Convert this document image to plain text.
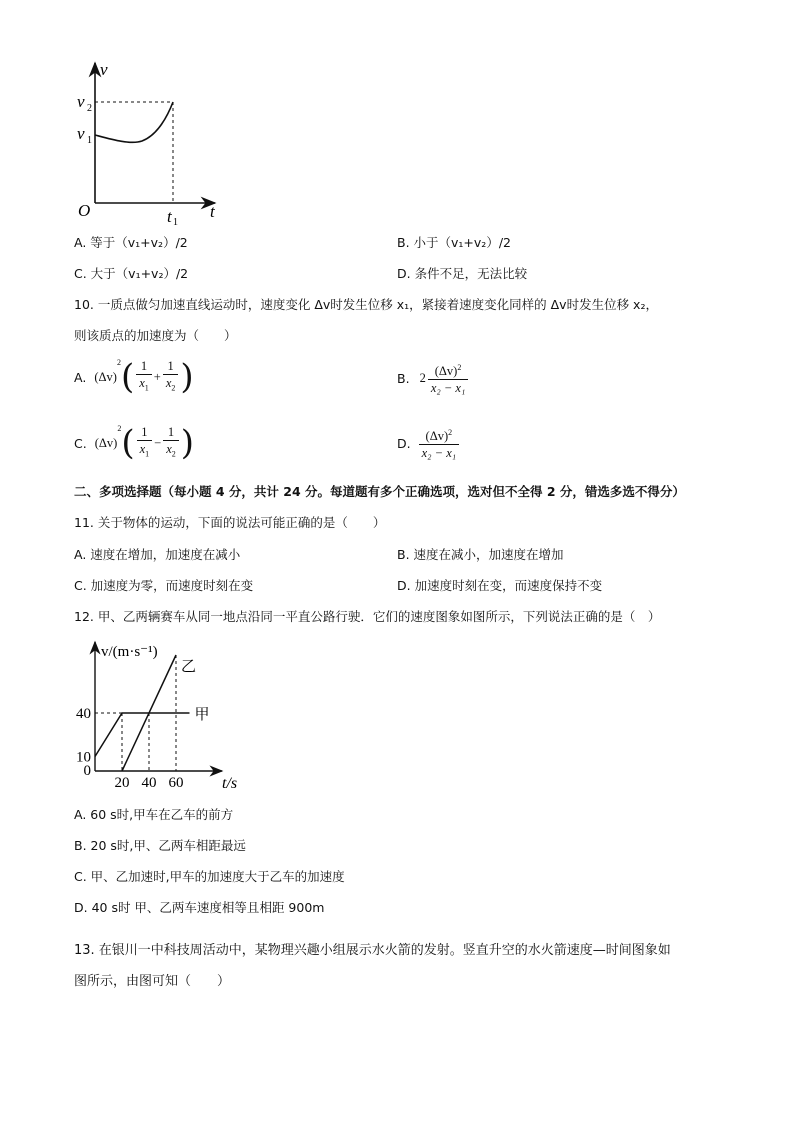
v
v 2
v 1
O	t 1
t
A. 等于（v₁+v₂）/2	B. 小于（v₁+v₂）/2
C. 大于（v₁+v₂）/2	D. 条件不足，无法比较
10. 一质点做匀加速直线运动时，速度变化 Δv时发生位移 x₁，紧接着速度变化同样的 Δv时发生位移 x₂，
则该质点的加速度为（　　）
A. (Δv)
2 ( $\frac{1}{x_1} + \frac{1}{x_2}$ )	B. $2 \frac{(\Delta v)^2}{\text{x₂ − x₁}}$
C. (Δv)
2 ( $\frac{1}{x_1} - \frac{1}{x_2}$ )	D. $\frac{(\Delta v)^2}{\text{x₂ − x₁}}$
二、多项选择题（每小题 4 分，共计 24 分。每道题有多个正确选项，选对但不全得 2 分，错选多选不得分）
11. 关于物体的运动，下面的说法可能正确的是（　　）
A. 速度在增加，加速度在减小	B. 速度在减小，加速度在增加
C. 加速度为零，而速度时刻在变	D. 加速度时刻在变，而速度保持不变
12. 甲、乙两辆赛车从同一地点沿同一平直公路行驶．它们的速度图象如图所示，下列说法正确的是（　）
v/(m·s⁻¹)
t/s
甲
乙
10
40
0
20 40 60
A. 60 s时,甲车在乙车的前方
B. 20 s时,甲、乙两车相距最远
C. 甲、乙加速时,甲车的加速度大于乙车的加速度
D. 40 s时 甲、乙两车速度相等且相距 900m
13. 在银川一中科技周活动中，某物理兴趣小组展示水火箭的发射。竖直升空的水火箭速度—时间图象如
图所示，由图可知（　　）
